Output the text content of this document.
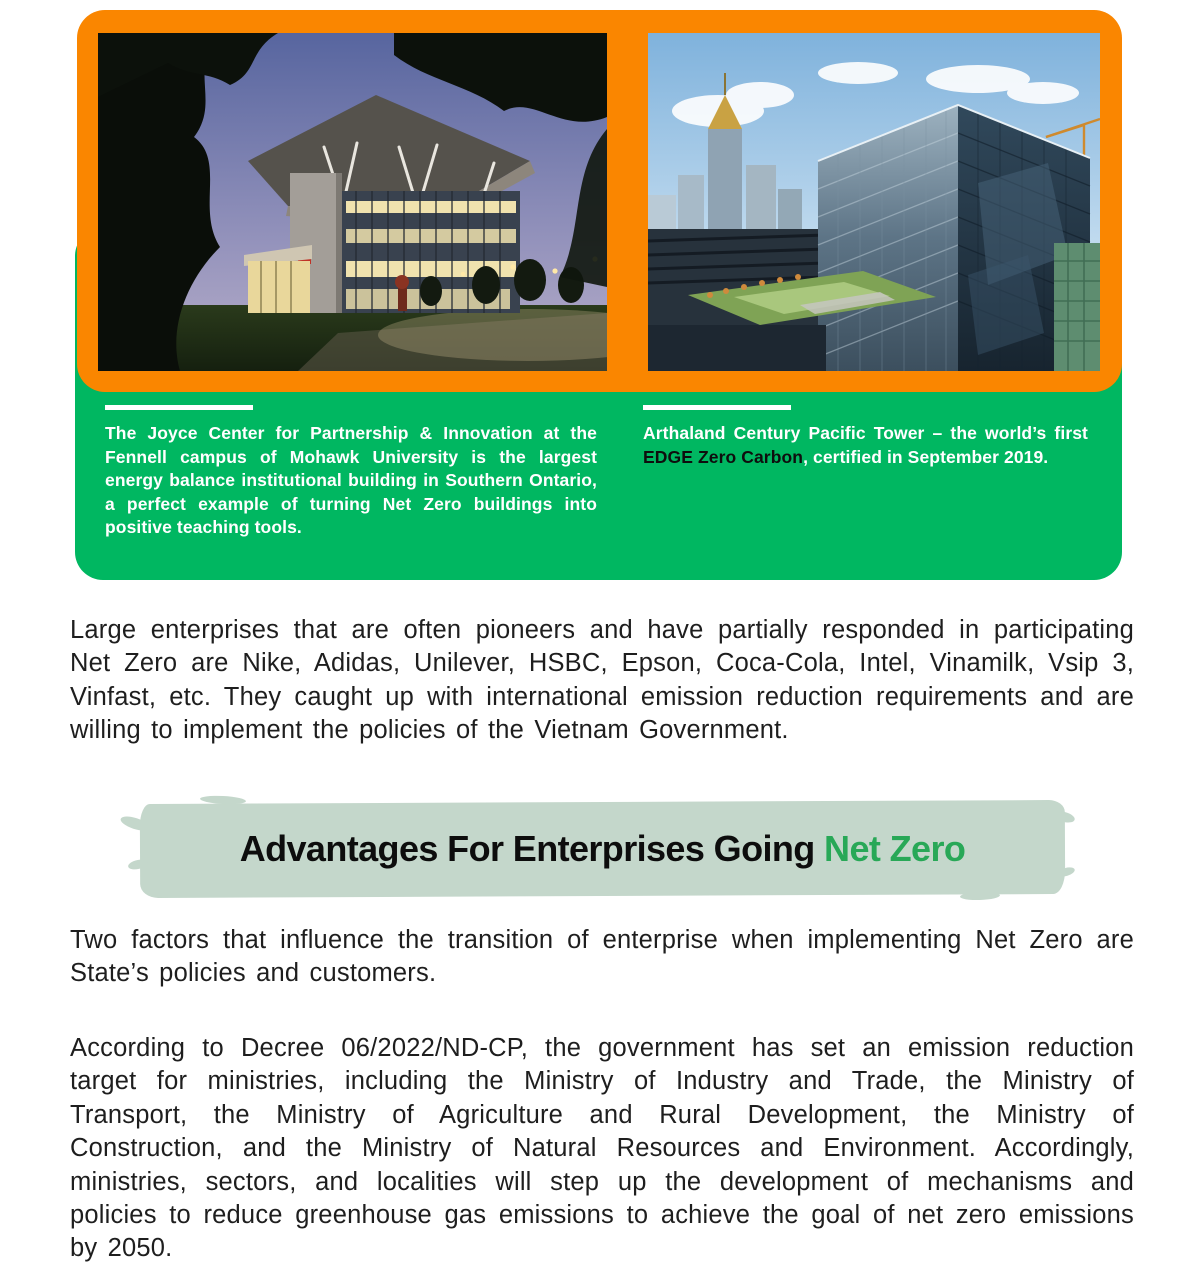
The Joyce Center for Partnership & Innovation at the Fennell campus of Mohawk University is the largest energy balance institutional building in Southern Ontario, a perfect example of turning Net Zero buildings into positive teaching tools.

Arthaland Century Pacific Tower – the world’s first EDGE Zero Carbon, certified in September 2019.

Large enterprises that are often pioneers and have partially responded in participating Net Zero are Nike, Adidas, Unilever, HSBC, Epson, Coca-Cola, Intel, Vinamilk, Vsip 3, Vinfast, etc. They caught up with international emission reduction requirements and are willing to implement the policies of the Vietnam Government.

Advantages For Enterprises Going Net Zero

Two factors that influence the transition of enterprise when implementing Net Zero are State’s policies and customers.

According to Decree 06/2022/ND-CP, the government has set an emission reduction target for ministries, including the Ministry of Industry and Trade, the Ministry of Transport, the Ministry of Agriculture and Rural Development, the Ministry of Construction, and the Ministry of Natural Resources and Environment. Accordingly, ministries, sectors, and localities will step up the development of mechanisms and policies to reduce greenhouse gas emissions to achieve the goal of net zero emissions by 2050.
